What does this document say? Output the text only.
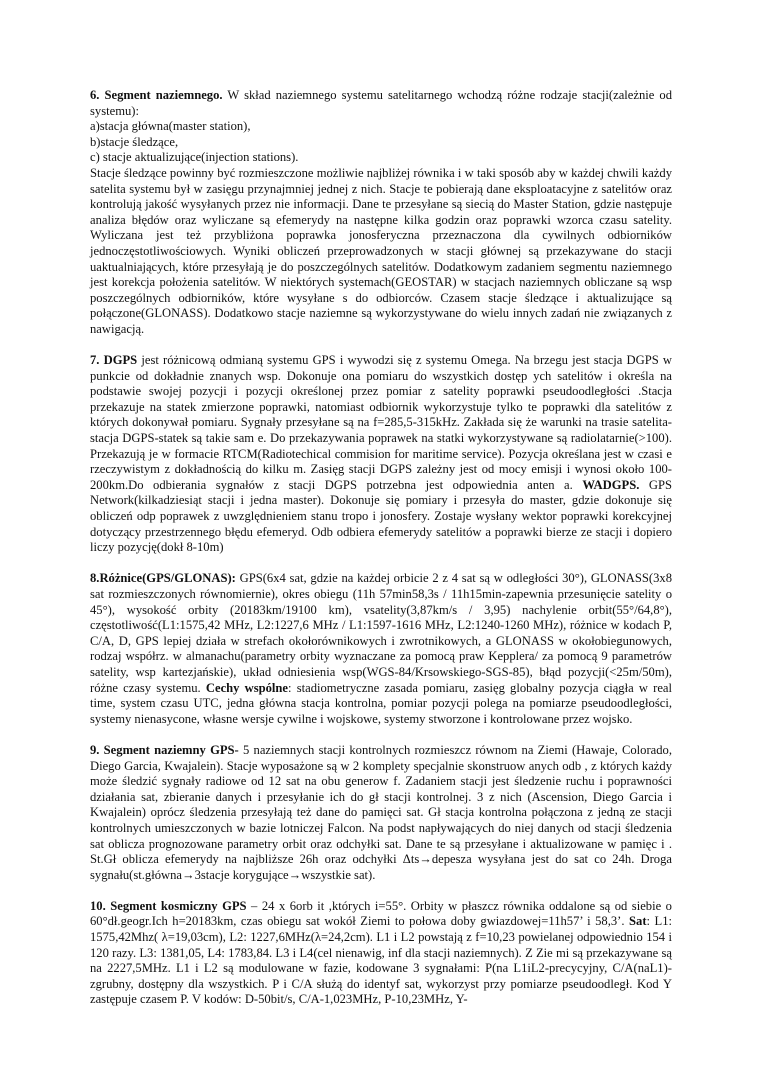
6. Segment naziemnego. W skład naziemnego systemu satelitarnego wchodzą różne rodzaje stacji(zależnie od systemu):

a)stacja główna(master station),

b)stacje śledzące,

c) stacje aktualizujące(injection stations).

Stacje śledzące powinny być rozmieszczone możliwie najbliżej równika i w taki sposób aby w każdej chwili każdy satelita systemu był w zasięgu przynajmniej jednej z nich. Stacje te pobierają dane eksploatacyjne z satelitów oraz kontrolują jakość wysyłanych przez nie informacji. Dane te przesyłane są siecią do Master Station, gdzie następuje analiza błędów oraz wyliczane są efemerydy na następne kilka godzin oraz poprawki wzorca czasu satelity. Wyliczana jest też przybliżona poprawka jonosferyczna przeznaczona dla cywilnych odbiorników jednoczęstotliwościowych. Wyniki obliczeń przeprowadzonych w stacji głównej są przekazywane do stacji uaktualniających, które przesyłają je do poszczególnych satelitów. Dodatkowym zadaniem segmentu naziemnego jest korekcja położenia satelitów. W niektórych systemach(GEOSTAR) w stacjach naziemnych obliczane są wsp poszczególnych odbiorników, które wysyłane s do odbiorców. Czasem stacje śledzące i aktualizujące są połączone(GLONASS). Dodatkowo stacje naziemne są wykorzystywane do wielu innych zadań nie związanych z nawigacją.

7. DGPS jest różnicową odmianą systemu GPS i wywodzi się z systemu Omega. Na brzegu jest stacja DGPS w punkcie od dokładnie znanych wsp. Dokonuje ona pomiaru do wszystkich dostęp ych satelitów i określa na podstawie swojej pozycji i pozycji określonej przez pomiar z satelity poprawki pseudoodległości .Stacja przekazuje na statek zmierzone poprawki, natomiast odbiornik wykorzystuje tylko te poprawki dla satelitów z których dokonywał pomiaru. Sygnały przesyłane są na f=285,5-315kHz. Zakłada się że warunki na trasie satelita-stacja DGPS-statek są takie sam e. Do przekazywania poprawek na statki wykorzystywane są radiolatarnie(>100). Przekazują je w formacie RTCM(Radiotechical commision for maritime service). Pozycja określana jest w czasi e rzeczywistym z dokładnością do kilku m. Zasięg stacji DGPS zależny jest od mocy emisji i wynosi około 100-200km.Do odbierania sygnałów z stacji DGPS potrzebna jest odpowiednia anten a. WADGPS. GPS Network(kilkadziesiąt stacji i jedna master). Dokonuje się pomiary i przesyła do master, gdzie dokonuje się obliczeń odp poprawek z uwzględnieniem stanu tropo i jonosfery. Zostaje wysłany wektor poprawki korekcyjnej dotyczący przestrzennego błędu efemeryd. Odb odbiera efemerydy satelitów a poprawki bierze ze stacji i dopiero liczy pozycję(dokł 8-10m)

8.Różnice(GPS/GLONAS): GPS(6x4 sat, gdzie na każdej orbicie 2 z 4 sat są w odległości 30°), GLONASS(3x8 sat rozmieszczonych równomiernie), okres obiegu (11h 57min58,3s / 11h15min-zapewnia przesunięcie satelity o 45°), wysokość orbity (20183km/19100 km), vsatelity(3,87km/s / 3,95) nachylenie orbit(55°/64,8°), częstotliwość(L1:1575,42 MHz, L2:1227,6 MHz / L1:1597-1616 MHz, L2:1240-1260 MHz), różnice w kodach P, C/A, D, GPS lepiej działa w strefach okołorównikowych i zwrotnikowych, a GLONASS w okołobiegunowych, rodzaj współrz. w almanachu(parametry orbity wyznaczane za pomocą praw Kepplera/ za pomocą 9 parametrów satelity, wsp kartezjańskie), układ odniesienia wsp(WGS-84/Krsowskiego-SGS-85), błąd pozycji(<25m/50m), różne czasy systemu. Cechy wspólne: stadiometryczne zasada pomiaru, zasięg globalny pozycja ciągła w real time, system czasu UTC, jedna główna stacja kontrolna, pomiar pozycji polega na pomiarze pseudoodległości, systemy nienasycone, własne wersje cywilne i wojskowe, systemy stworzone i kontrolowane przez wojsko.

9. Segment naziemny GPS- 5 naziemnych stacji kontrolnych rozmieszcz równom na Ziemi (Hawaje, Colorado, Diego Garcia, Kwajalein). Stacje wyposażone są w 2 komplety specjalnie skonstruow anych odb , z których każdy może śledzić sygnały radiowe od 12 sat na obu generow f. Zadaniem stacji jest śledzenie ruchu i poprawności działania sat, zbieranie danych i przesyłanie ich do gł stacji kontrolnej. 3 z nich (Ascension, Diego Garcia i Kwajalein) oprócz śledzenia przesyłają też dane do pamięci sat. Gł stacja kontrolna połączona z jedną ze stacji kontrolnych umieszczonych w bazie lotniczej Falcon. Na podst napływających do niej danych od stacji śledzenia sat oblicza prognozowane parametry orbit oraz odchyłki sat. Dane te są przesyłane i aktualizowane w pamięc i . St.Gł oblicza efemerydy na najbliższe 26h oraz odchyłki Δts→depesza wysyłana jest do sat co 24h. Droga sygnału(st.główna→3stacje korygujące→wszystkie sat).

10. Segment kosmiczny GPS – 24 x 6orb it ,których i=55°. Orbity w płaszcz równika oddalone są od siebie o 60°dł.geogr.Ich h=20183km, czas obiegu sat wokół Ziemi to połowa doby gwiazdowej=11h57’ i 58,3’. Sat: L1: 1575,42Mhz( λ=19,03cm), L2: 1227,6MHz(λ=24,2cm). L1 i L2 powstają z f=10,23 powielanej odpowiednio 154 i 120 razy. L3: 1381,05, L4: 1783,84. L3 i L4(cel nienawig, inf dla stacji naziemnych). Z Zie mi są przekazywane są na 2227,5MHz. L1 i L2 są modulowane w fazie, kodowane 3 sygnałami: P(na L1iL2-precycyjny, C/A(naL1)-zgrubny, dostępny dla wszystkich. P i C/A służą do identyf sat, wykorzyst przy pomiarze pseudoodległ. Kod Y zastępuje czasem P. V kodów: D-50bit/s, C/A-1,023MHz, P-10,23MHz, Y-
